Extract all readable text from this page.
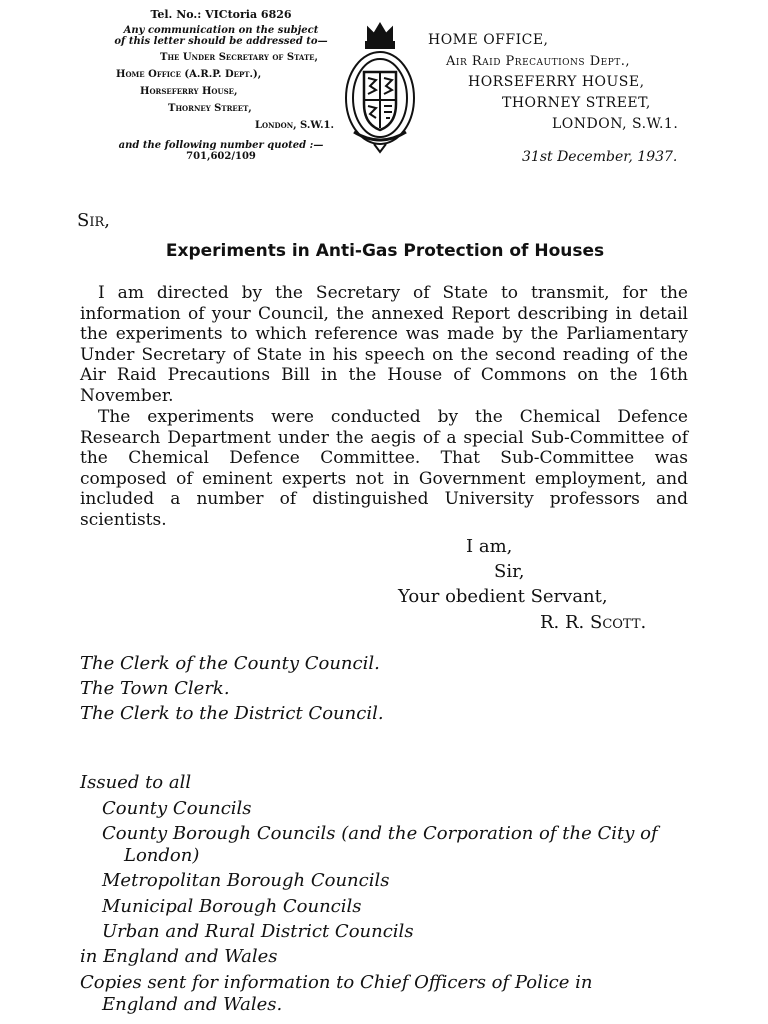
Tel. No.: VICtoria 6826
Any communication on the subject
of this letter should be addressed to—
The Under Secretary of State,
Home Office (A.R.P. Dept.),
Horseferry House,
Thorney Street,
London, S.W.1.
and the following number quoted :—
701,602/109
HOME OFFICE,
Air Raid Precautions Dept.,
HORSEFERRY HOUSE,
THORNEY STREET,
LONDON, S.W.1.
31st December, 1937.
Sir,
Experiments in Anti-Gas Protection of Houses

I am directed by the Secretary of State to transmit, for the information of your Council, the annexed Report describing in detail the experiments to which reference was made by the Parliamentary Under Secretary of State in his speech on the second reading of the Air Raid Precautions Bill in the House of Commons on the 16th November.

The experiments were conducted by the Chemical Defence Research Department under the aegis of a special Sub-Committee of the Chemical Defence Committee. That Sub-Committee was composed of eminent experts not in Government employment, and included a number of distinguished University professors and scientists.

I am,
Sir,
Your obedient Servant,
R. R. Scott.
The Clerk of the County Council.
The Town Clerk.
The Clerk to the District Council.
Issued to all
County Councils
County Borough Councils (and the Corporation of the City of
London)
Metropolitan Borough Councils
Municipal Borough Councils
Urban and Rural District Councils
in England and Wales
Copies sent for information to Chief Officers of Police in
England and Wales.
